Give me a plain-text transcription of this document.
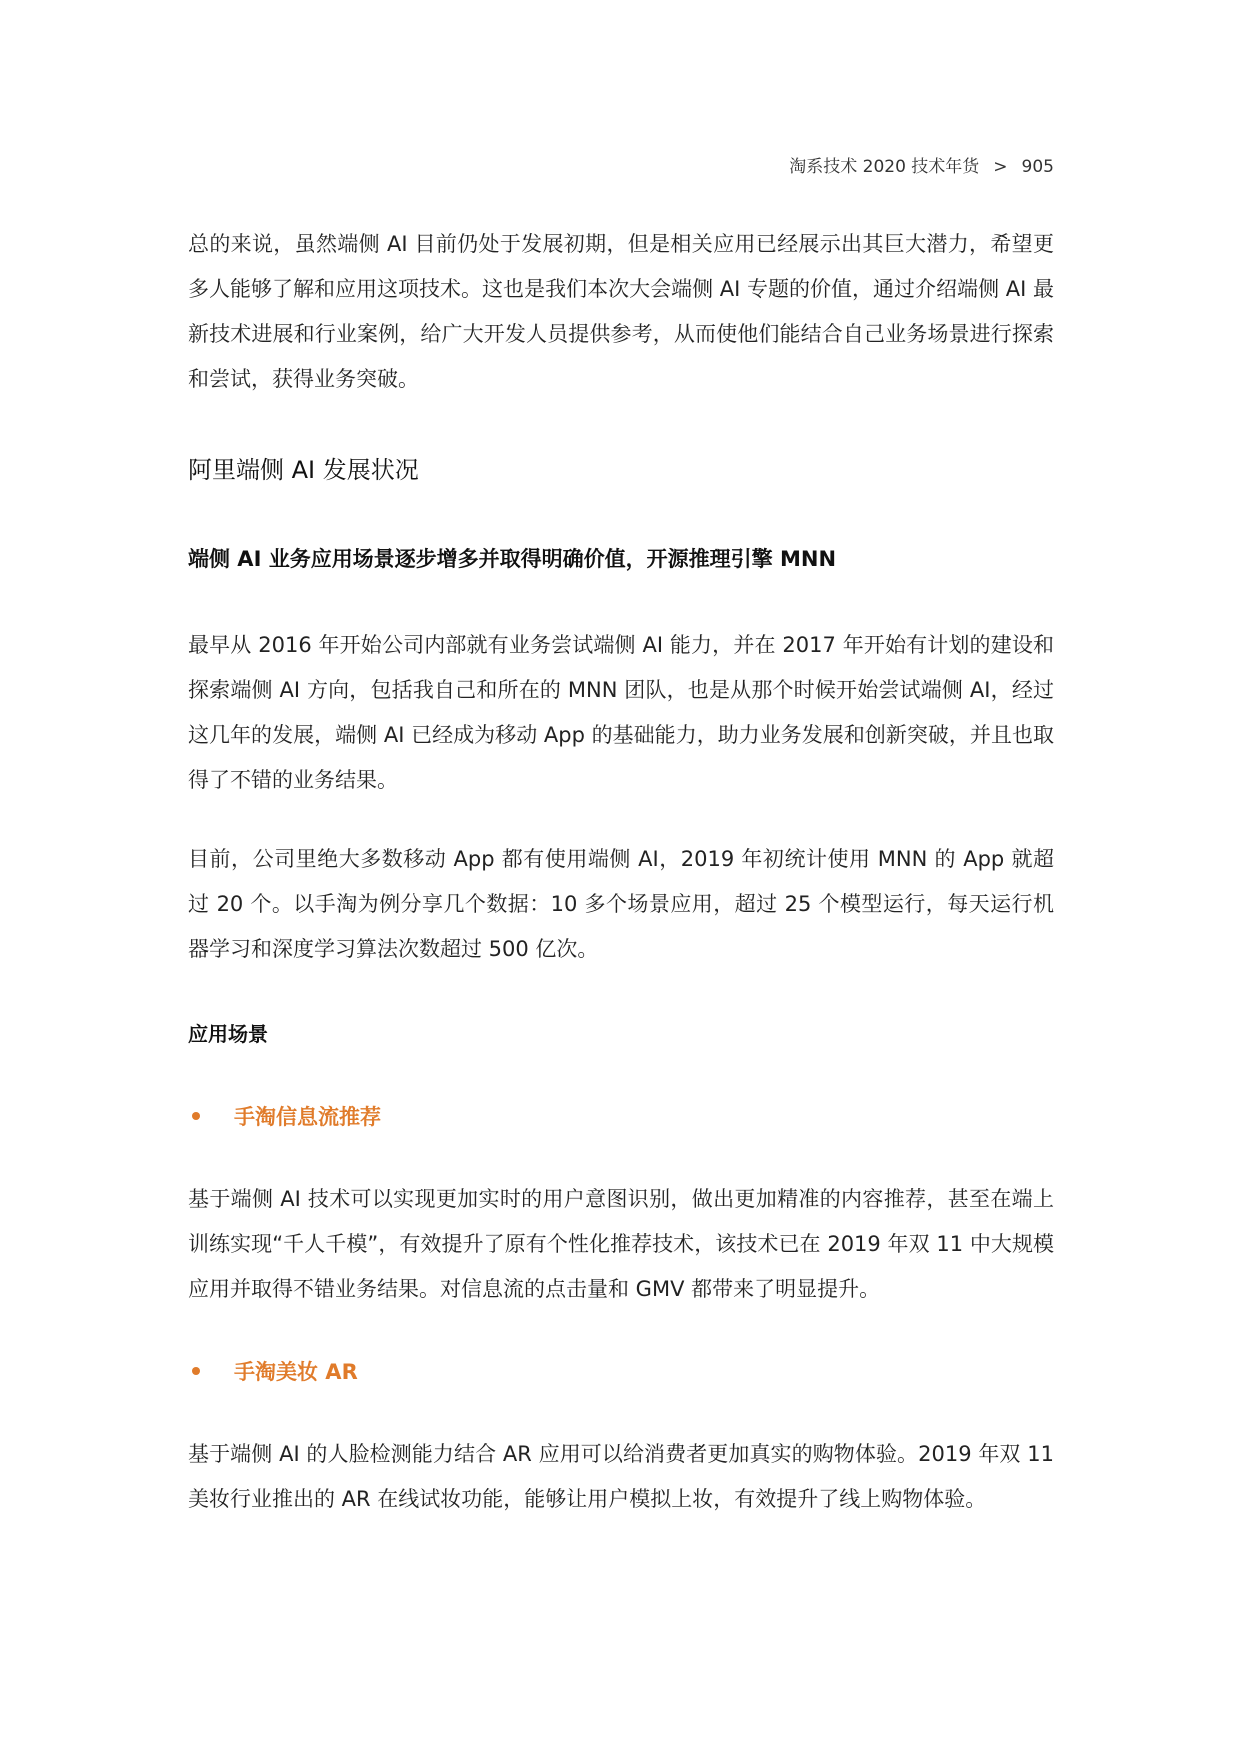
淘系技术 2020 技术年货 > 905

总的来说，虽然端侧 AI 目前仍处于发展初期，但是相关应用已经展示出其巨大潜力，希望更多人能够了解和应用这项技术。这也是我们本次大会端侧 AI 专题的价值，通过介绍端侧 AI 最新技术进展和行业案例，给广大开发人员提供参考，从而使他们能结合自己业务场景进行探索和尝试，获得业务突破。

阿里端侧 AI 发展状况
端侧 AI 业务应用场景逐步增多并取得明确价值，开源推理引擎 MNN

最早从 2016 年开始公司内部就有业务尝试端侧 AI 能力，并在 2017 年开始有计划的建设和探索端侧 AI 方向，包括我自己和所在的 MNN 团队，也是从那个时候开始尝试端侧 AI，经过这几年的发展，端侧 AI 已经成为移动 App 的基础能力，助力业务发展和创新突破，并且也取得了不错的业务结果。

目前，公司里绝大多数移动 App 都有使用端侧 AI，2019 年初统计使用 MNN 的 App 就超过 20 个。以手淘为例分享几个数据：10 多个场景应用，超过 25 个模型运行，每天运行机器学习和深度学习算法次数超过 500 亿次。

应用场景
手淘信息流推荐

基于端侧 AI 技术可以实现更加实时的用户意图识别，做出更加精准的内容推荐，甚至在端上训练实现“千人千模”，有效提升了原有个性化推荐技术，该技术已在 2019 年双 11 中大规模应用并取得不错业务结果。对信息流的点击量和 GMV 都带来了明显提升。

手淘美妆 AR

基于端侧 AI 的人脸检测能力结合 AR 应用可以给消费者更加真实的购物体验。2019 年双 11 美妆行业推出的 AR 在线试妆功能，能够让用户模拟上妆，有效提升了线上购物体验。
